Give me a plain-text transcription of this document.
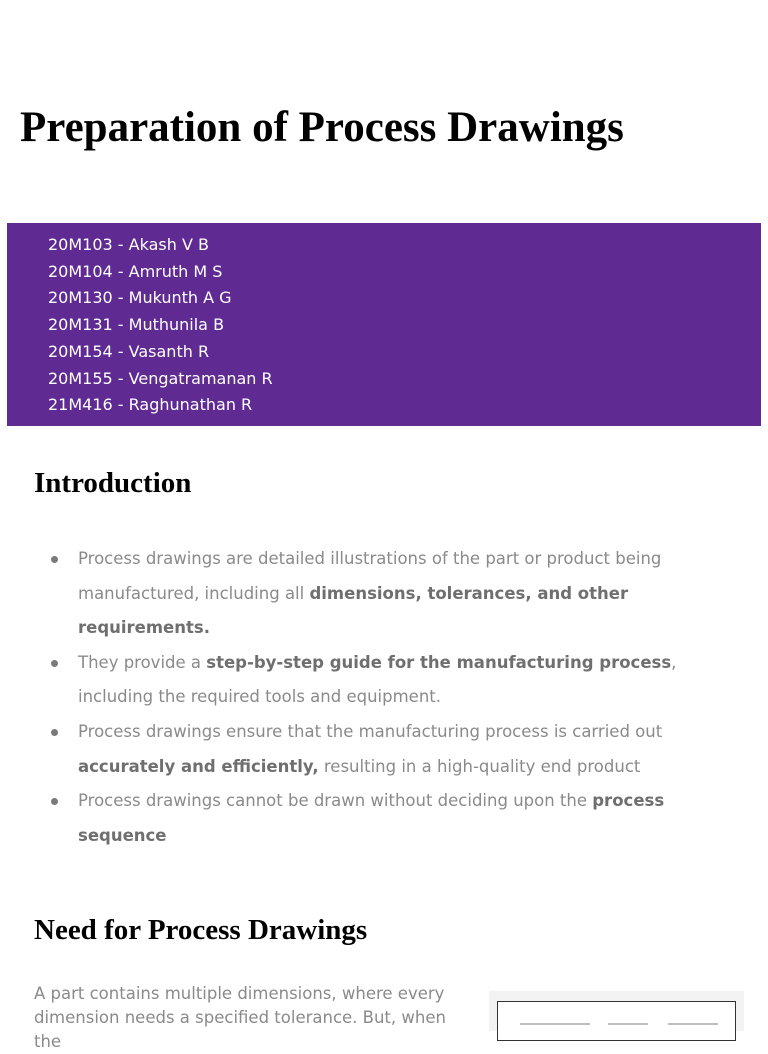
Preparation of Process Drawings
20M103 - Akash V B
20M104 - Amruth M S
20M130 - Mukunth A G
20M131 - Muthunila B
20M154 - Vasanth R
20M155 - Vengatramanan R
21M416 - Raghunathan R
Introduction
Process drawings are detailed illustrations of the part or product being manufactured, including all dimensions, tolerances, and other requirements.
They provide a step-by-step guide for the manufacturing process, including the required tools and equipment.
Process drawings ensure that the manufacturing process is carried out accurately and efficiently, resulting in a high-quality end product
Process drawings cannot be drawn without deciding upon the process sequence
Need for Process Drawings

A part contains multiple dimensions, where every dimension needs a specified tolerance. But, when the
